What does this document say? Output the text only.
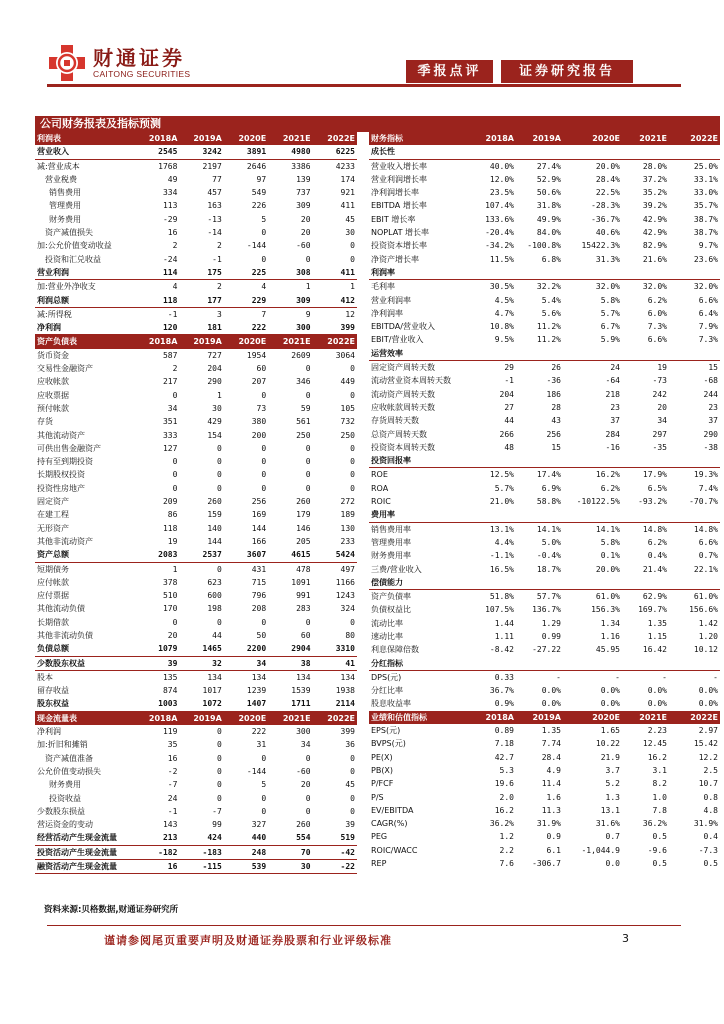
财通证券
CAITONG SECURITIES	季报点评	证券研究报告
公司财务报表及指标预测
利润表	2018A	2019A	2020E	2021E	2022E
营业收入	2545	3242	3891	4980	6225
减:营业成本	1768	2197	2646	3386	4233
营业税费	49	77	97	139	174
销售费用	334	457	549	737	921
管理费用	113	163	226	309	411
财务费用	-29	-13	5	20	45
资产减值损失	16	-14	0	20	30
加:公允价值变动收益	2	2	-144	-60	0
投资和汇兑收益	-24	-1	0	0	0
营业利润	114	175	225	308	411
加:营业外净收支	4	2	4	1	1
利润总额	118	177	229	309	412
减:所得税	-1	3	7	9	12
净利润	120	181	222	300	399
资产负债表	2018A	2019A	2020E	2021E	2022E
货币资金	587	727	1954	2609	3064
交易性金融资产	2	204	60	0	0
应收帐款	217	290	207	346	449
应收票据	0	1	0	0	0
预付帐款	34	30	73	59	105
存货	351	429	380	561	732
其他流动资产	333	154	200	250	250
可供出售金融资产	127	0	0	0	0
持有至到期投资	0	0	0	0	0
长期股权投资	0	0	0	0	0
投资性房地产	0	0	0	0	0
固定资产	209	260	256	260	272
在建工程	86	159	169	179	189
无形资产	118	140	144	146	130
其他非流动资产	19	144	166	205	233
资产总额	2083	2537	3607	4615	5424
短期债务	1	0	431	478	497
应付帐款	378	623	715	1091	1166
应付票据	510	600	796	991	1243
其他流动负债	170	198	208	283	324
长期借款	0	0	0	0	0
其他非流动负债	20	44	50	60	80
负债总额	1079	1465	2200	2904	3310
少数股东权益	39	32	34	38	41
股本	135	134	134	134	134
留存收益	874	1017	1239	1539	1938
股东权益	1003	1072	1407	1711	2114
现金流量表	2018A	2019A	2020E	2021E	2022E
净利润	119	0	222	300	399
加:折旧和摊销	35	0	31	34	36
资产减值准备	16	0	0	0	0
公允价值变动损失	-2	0	-144	-60	0
财务费用	-7	0	5	20	45
投资收益	24	0	0	0	0
少数股东损益	-1	-7	0	0	0
营运资金的变动	143	99	327	260	39
经营活动产生现金流量	213	424	440	554	519
投资活动产生现金流量	-182	-183	248	70	-42
融资活动产生现金流量	16	-115	539	30	-22
财务指标	2018A	2019A	2020E	2021E	2022E
成长性					
营业收入增长率	40.0%	27.4%	20.0%	28.0%	25.0%
营业利润增长率	12.0%	52.9%	28.4%	37.2%	33.1%
净利润增长率	23.5%	50.6%	22.5%	35.2%	33.0%
EBITDA 增长率	107.4%	31.8%	-28.3%	39.2%	35.7%
EBIT 增长率	133.6%	49.9%	-36.7%	42.9%	38.7%
NOPLAT 增长率	-20.4%	84.0%	40.6%	42.9%	38.7%
投资资本增长率	-34.2%	-100.8%	15422.3%	82.9%	9.7%
净资产增长率	11.5%	6.8%	31.3%	21.6%	23.6%
利润率					
毛利率	30.5%	32.2%	32.0%	32.0%	32.0%
营业利润率	4.5%	5.4%	5.8%	6.2%	6.6%
净利润率	4.7%	5.6%	5.7%	6.0%	6.4%
EBITDA/营业收入	10.8%	11.2%	6.7%	7.3%	7.9%
EBIT/营业收入	9.5%	11.2%	5.9%	6.6%	7.3%
运营效率					
固定资产周转天数	29	26	24	19	15
流动营业资本周转天数	-1	-36	-64	-73	-68
流动资产周转天数	204	186	218	242	244
应收帐款周转天数	27	28	23	20	23
存货周转天数	44	43	37	34	37
总资产周转天数	266	256	284	297	290
投资资本周转天数	48	15	-16	-35	-38
投资回报率					
ROE	12.5%	17.4%	16.2%	17.9%	19.3%
ROA	5.7%	6.9%	6.2%	6.5%	7.4%
ROIC	21.0%	58.8%	-10122.5%	-93.2%	-70.7%
费用率					
销售费用率	13.1%	14.1%	14.1%	14.8%	14.8%
管理费用率	4.4%	5.0%	5.8%	6.2%	6.6%
财务费用率	-1.1%	-0.4%	0.1%	0.4%	0.7%
三费/营业收入	16.5%	18.7%	20.0%	21.4%	22.1%
偿债能力					
资产负债率	51.8%	57.7%	61.0%	62.9%	61.0%
负债权益比	107.5%	136.7%	156.3%	169.7%	156.6%
流动比率	1.44	1.29	1.34	1.35	1.42
速动比率	1.11	0.99	1.16	1.15	1.20
利息保障倍数	-8.42	-27.22	45.95	16.42	10.12
分红指标					
DPS(元)	0.33	-	-	-	-
分红比率	36.7%	0.0%	0.0%	0.0%	0.0%
股息收益率	0.9%	0.0%	0.0%	0.0%	0.0%
业绩和估值指标	2018A	2019A	2020E	2021E	2022E
EPS(元)	0.89	1.35	1.65	2.23	2.97
BVPS(元)	7.18	7.74	10.22	12.45	15.42
PE(X)	42.7	28.4	21.9	16.2	12.2
PB(X)	5.3	4.9	3.7	3.1	2.5
P/FCF	19.6	11.4	5.2	8.2	10.7
P/S	2.0	1.6	1.3	1.0	0.8
EV/EBITDA	16.2	11.3	13.1	7.8	4.8
CAGR(%)	36.2%	31.9%	31.6%	36.2%	31.9%
PEG	1.2	0.9	0.7	0.5	0.4
ROIC/WACC	2.2	6.1	-1,044.9	-9.6	-7.3
REP	7.6	-306.7	0.0	0.5	0.5
资料来源:贝格数据,财通证券研究所
谨请参阅尾页重要声明及财通证券股票和行业评级标准	3
